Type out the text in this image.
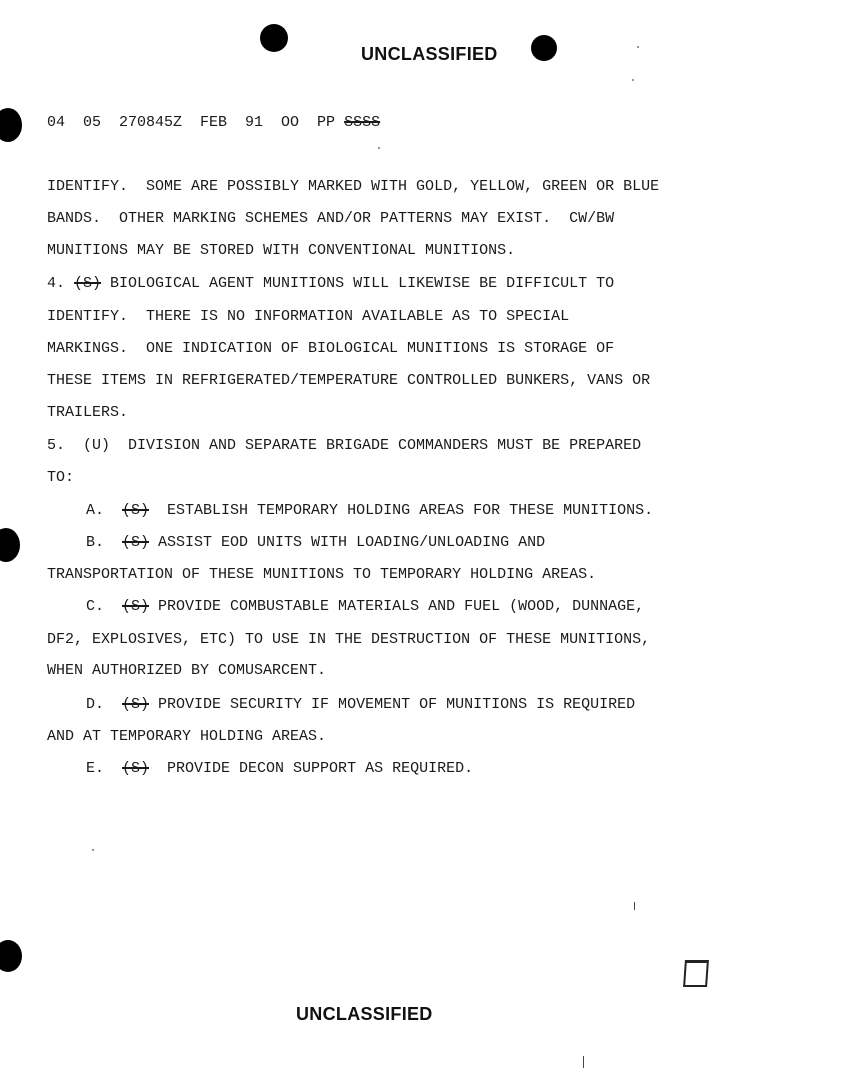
UNCLASSIFIED
04  05  270845Z  FEB  91  OO  PP SSSS
IDENTIFY.  SOME ARE POSSIBLY MARKED WITH GOLD, YELLOW, GREEN OR BLUE
BANDS.  OTHER MARKING SCHEMES AND/OR PATTERNS MAY EXIST.  CW/BW
MUNITIONS MAY BE STORED WITH CONVENTIONAL MUNITIONS.
4. (S) BIOLOGICAL AGENT MUNITIONS WILL LIKEWISE BE DIFFICULT TO
IDENTIFY.  THERE IS NO INFORMATION AVAILABLE AS TO SPECIAL
MARKINGS.  ONE INDICATION OF BIOLOGICAL MUNITIONS IS STORAGE OF
THESE ITEMS IN REFRIGERATED/TEMPERATURE CONTROLLED BUNKERS, VANS OR
TRAILERS.
5.  (U)  DIVISION AND SEPARATE BRIGADE COMMANDERS MUST BE PREPARED
TO:
A.  (S)  ESTABLISH TEMPORARY HOLDING AREAS FOR THESE MUNITIONS.
B.  (S) ASSIST EOD UNITS WITH LOADING/UNLOADING AND
TRANSPORTATION OF THESE MUNITIONS TO TEMPORARY HOLDING AREAS.
C.  (S) PROVIDE COMBUSTABLE MATERIALS AND FUEL (WOOD, DUNNAGE,
DF2, EXPLOSIVES, ETC) TO USE IN THE DESTRUCTION OF THESE MUNITIONS,
WHEN AUTHORIZED BY COMUSARCENT.
D.  (S) PROVIDE SECURITY IF MOVEMENT OF MUNITIONS IS REQUIRED
AND AT TEMPORARY HOLDING AREAS.
E.  (S)  PROVIDE DECON SUPPORT AS REQUIRED.
UNCLASSIFIED
